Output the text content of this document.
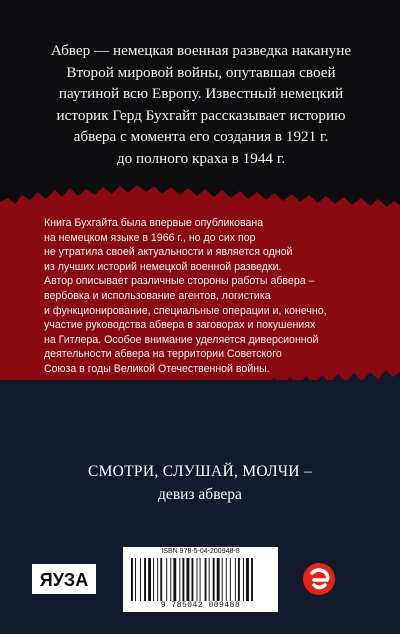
Абвер — немецкая военная разведка накануне
Второй мировой войны, опутавшая своей
паутиной всю Европу. Известный немецкий
историк Герд Бухгайт рассказывает историю
абвера с момента его создания в 1921 г.
до полного краха в 1944 г.
Книга Бухгайта была впервые опубликована
на немецком языке в 1966 г., но до сих пор
не утратила своей актуальности и является одной
из лучших историй немецкой военной разведки.
Автор описывает различные стороны работы абвера –
вербовка и использование агентов, логистика
и функционирование, специальные операции и, конечно,
участие руководства абвера в заговорах и покушениях
на Гитлера. Особое внимание уделяется диверсионной
деятельности абвера на территории Советского
Союза в годы Великой Отечественной войны.
СМОТРИ, СЛУШАЙ, МОЛЧИ –
девиз абвера
ЯУЗА
ISBN 978-5-04-200948-8
9 785042 009488
